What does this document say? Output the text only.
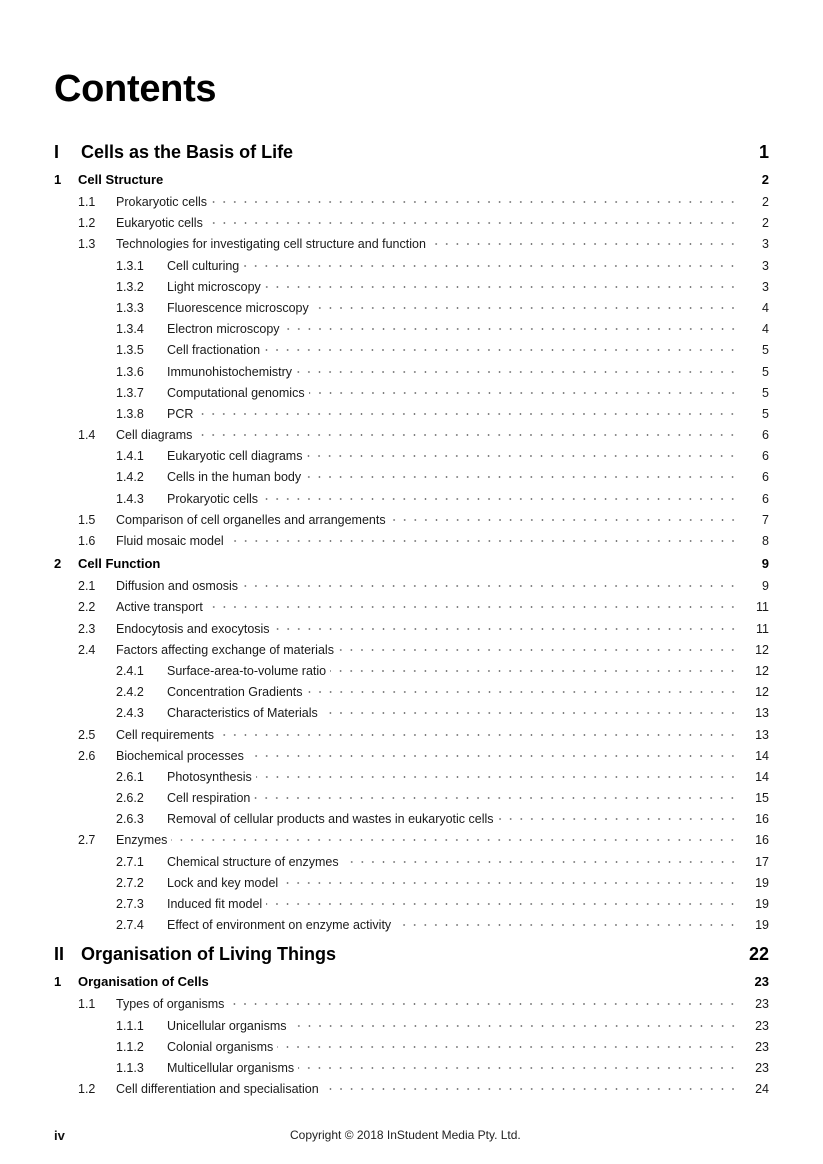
Contents
I	Cells as the Basis of Life	1
1	Cell Structure	2
1.1	Prokaryotic cells	2
1.2	Eukaryotic cells	2
1.3	Technologies for investigating cell structure and function	3
1.3.1	Cell culturing	3
1.3.2	Light microscopy	3
1.3.3	Fluorescence microscopy	4
1.3.4	Electron microscopy	4
1.3.5	Cell fractionation	5
1.3.6	Immunohistochemistry	5
1.3.7	Computational genomics	5
1.3.8	PCR	5
1.4	Cell diagrams	6
1.4.1	Eukaryotic cell diagrams	6
1.4.2	Cells in the human body	6
1.4.3	Prokaryotic cells	6
1.5	Comparison of cell organelles and arrangements	7
1.6	Fluid mosaic model	8
2	Cell Function	9
2.1	Diffusion and osmosis	9
2.2	Active transport	11
2.3	Endocytosis and exocytosis	11
2.4	Factors affecting exchange of materials	12
2.4.1	Surface-area-to-volume ratio	12
2.4.2	Concentration Gradients	12
2.4.3	Characteristics of Materials	13
2.5	Cell requirements	13
2.6	Biochemical processes	14
2.6.1	Photosynthesis	14
2.6.2	Cell respiration	15
2.6.3	Removal of cellular products and wastes in eukaryotic cells	16
2.7	Enzymes	16
2.7.1	Chemical structure of enzymes	17
2.7.2	Lock and key model	19
2.7.3	Induced fit model	19
2.7.4	Effect of environment on enzyme activity	19
II Organisation of Living Things	22
1	Organisation of Cells	23
1.1	Types of organisms	23
1.1.1	Unicellular organisms	23
1.1.2	Colonial organisms	23
1.1.3	Multicellular organisms	23
1.2	Cell differentiation and specialisation	24
iv	Copyright © 2018 InStudent Media Pty. Ltd.
